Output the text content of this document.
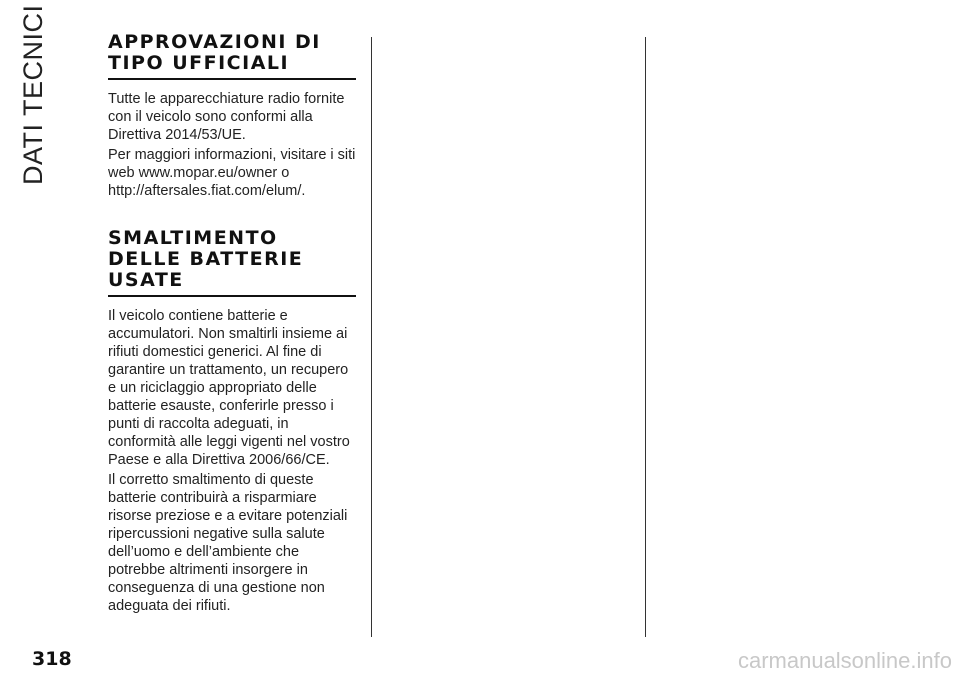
DATI TECNICI	APPROVAZIONI DI
TIPO UFFICIALI

Tutte le apparecchiature radio fornite con il veicolo sono conformi alla Direttiva 2014/53/UE.

Per maggiori informazioni, visitare i siti web www.mopar.eu/owner o http://aftersales.fiat.com/elum/.

SMALTIMENTO
DELLE BATTERIE
USATE

Il veicolo contiene batterie e accumulatori. Non smaltirli insieme ai rifiuti domestici generici. Al fine di garantire un trattamento, un recupero e un riciclaggio appropriato delle batterie esauste, conferirle presso i punti di raccolta adeguati, in conformità alle leggi vigenti nel vostro Paese e alla Direttiva 2006/66/CE.

Il corretto smaltimento di queste batterie contribuirà a risparmiare risorse preziose e a evitare potenziali ripercussioni negative sulla salute dell’uomo e dell’ambiente che potrebbe altrimenti insorgere in conseguenza di una gestione non adeguata dei rifiuti.

318	carmanualsonline.info
